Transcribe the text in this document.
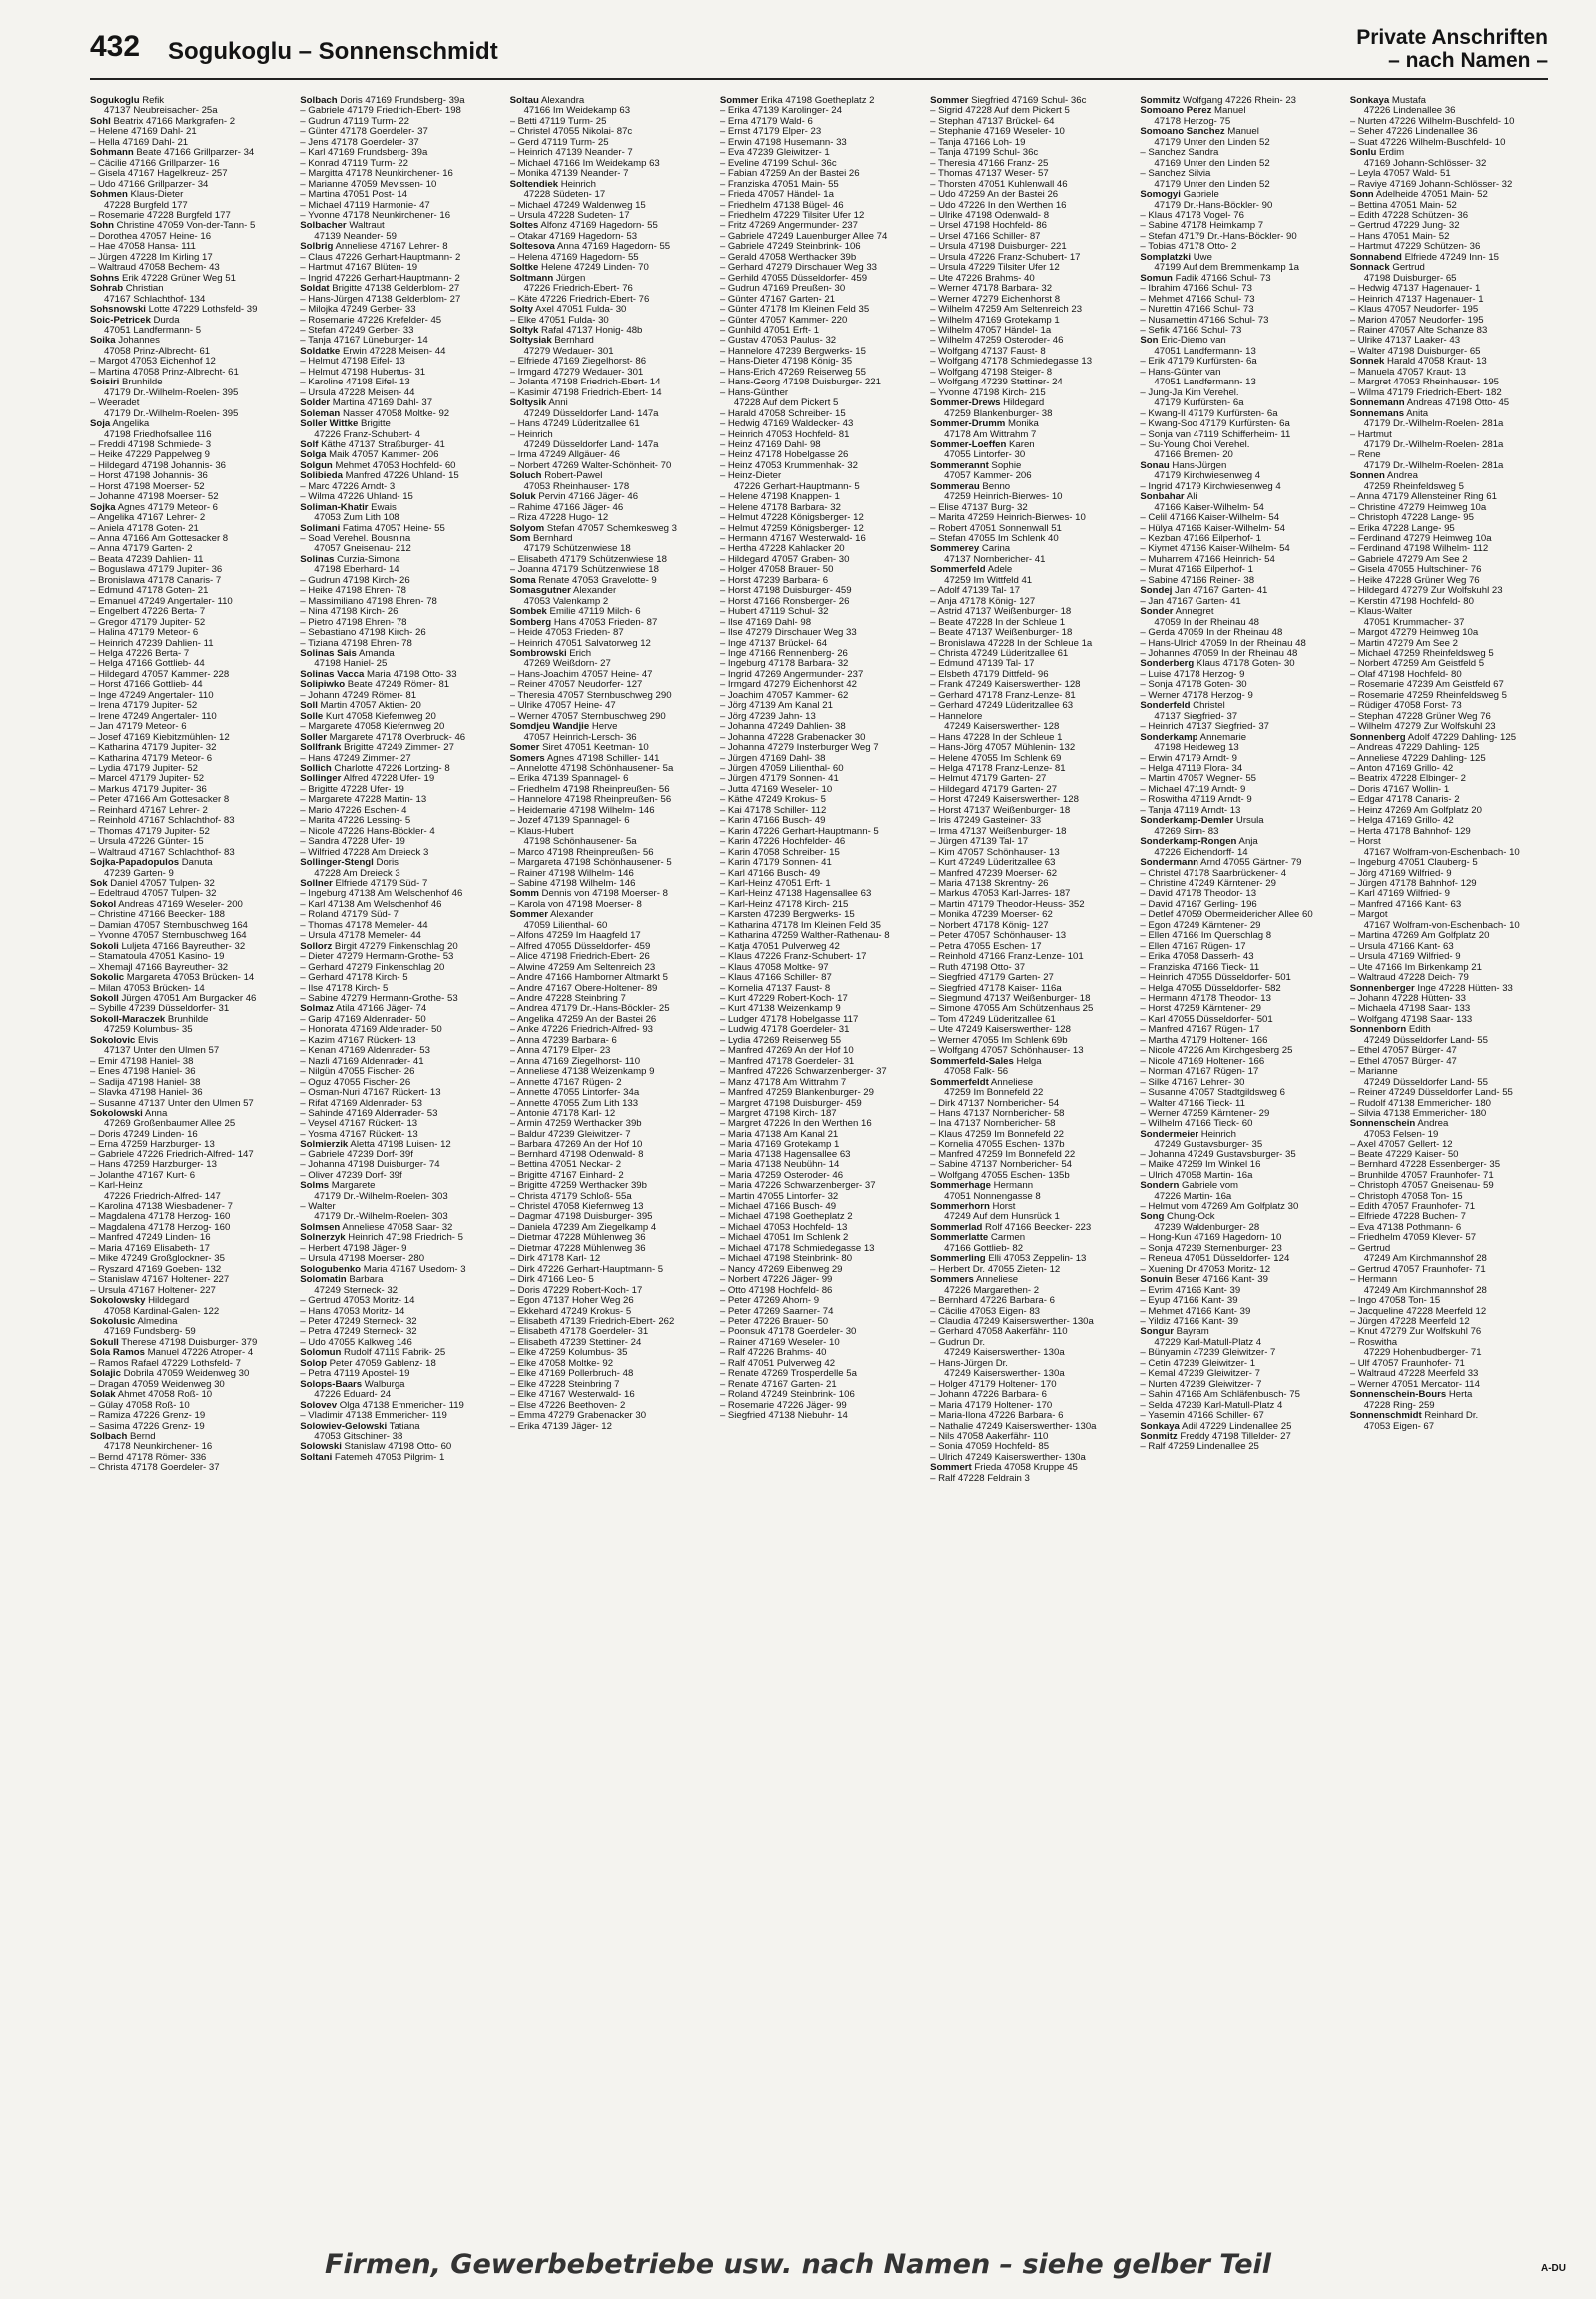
432 Sogukoglu – Sonnenschmidt
Private Anschriften
– nach Namen –
Sogukoglu Refik
47137 Neubreisacher- 25a
Sohl Beatrix 47166 Markgrafen- 2
– Helene 47169 Dahl- 21
– Hella 47169 Dahl- 21
Sohmann Beate 47166 Grillparzer- 34
– Cäcilie 47166 Grillparzer- 16
– Gisela 47167 Hagelkreuz- 257
– Udo 47166 Grillparzer- 34
Sohmen Klaus-Dieter
47228 Burgfeld 177
– Rosemarie 47228 Burgfeld 177
Sohn Christine 47059 Von-der-Tann- 5
– Dorothea 47057 Heine- 16
– Hae 47058 Hansa- 111
– Jürgen 47228 Im Kirling 17
– Waltraud 47058 Bechem- 43
Sohns Erik 47228 Grüner Weg 51
Sohrab Christian
47167 Schlachthof- 134
Sohsnowski Lotte 47229 Lothsfeld- 39
Soic-Petricek Durda
47051 Landfermann- 5
Soika Johannes
47058 Prinz-Albrecht- 61
– Margot 47053 Eichenhof 12
– Martina 47058 Prinz-Albrecht- 61
Soisiri Brunhilde
47179 Dr.-Wilhelm-Roelen- 395
– Weeradet
47179 Dr.-Wilhelm-Roelen- 395
Soja Angelika
47198 Friedhofsallee 116
– Freddi 47198 Schmiede- 3
– Heike 47229 Pappelweg 9
– Hildegard 47198 Johannis- 36
– Horst 47198 Johannis- 36
– Horst 47198 Moerser- 52
– Johanne 47198 Moerser- 52
Sojka Agnes 47179 Meteor- 6
– Angelika 47167 Lehrer- 2
– Aniela 47178 Goten- 21
– Anna 47166 Am Gottesacker 8
– Anna 47179 Garten- 2
– Beata 47239 Dahlien- 11
– Boguslawa 47179 Jupiter- 36
– Bronislawa 47178 Canaris- 7
– Edmund 47178 Goten- 21
– Emanuel 47249 Angertaler- 110
– Engelbert 47226 Berta- 7
– Gregor 47179 Jupiter- 52
– Halina 47179 Meteor- 6
– Heinrich 47239 Dahlien- 11
– Helga 47226 Berta- 7
– Helga 47166 Gottlieb- 44
– Hildegard 47057 Kammer- 228
– Horst 47166 Gottlieb- 44
– Inge 47249 Angertaler- 110
– Irena 47179 Jupiter- 52
– Irene 47249 Angertaler- 110
– Jan 47179 Meteor- 6
– Josef 47169 Kiebitzmühlen- 12
– Katharina 47179 Jupiter- 32
– Katharina 47179 Meteor- 6
– Lydia 47179 Jupiter- 52
– Marcel 47179 Jupiter- 52
– Markus 47179 Jupiter- 36
– Peter 47166 Am Gottesacker 8
– Reinhard 47167 Lehrer- 2
– Reinhold 47167 Schlachthof- 83
– Thomas 47179 Jupiter- 52
– Ursula 47226 Günter- 15
– Waltraud 47167 Schlachthof- 83
Sojka-Papadopulos Danuta
47239 Garten- 9
Sok Daniel 47057 Tulpen- 32
– Edeltraud 47057 Tulpen- 32
Sokol Andreas 47169 Weseler- 200
– Christine 47166 Beecker- 188
– Damian 47057 Sternbuschweg 164
– Yvonne 47057 Sternbuschweg 164
Sokoli Luljeta 47166 Bayreuther- 32
– Stamatoula 47051 Kasino- 19
– Xhemajl 47166 Bayreuther- 32
Sokolic Margareta 47053 Brücken- 14
– Milan 47053 Brücken- 14
Sokoll Jürgen 47051 Am Burgacker 46
– Sybille 47239 Düsseldorfer- 31
Sokoll-Maraczek Brunhilde
47259 Kolumbus- 35
Sokolovic Elvis
47137 Unter den Ulmen 57
– Emir 47198 Haniel- 38
– Enes 47198 Haniel- 36
– Sadija 47198 Haniel- 38
– Slavka 47198 Haniel- 36
– Susanne 47137 Unter den Ulmen 57
Sokolowski Anna
47269 Großenbaumer Allee 25
– Doris 47249 Linden- 16
– Erna 47259 Harzburger- 13
– Gabriele 47226 Friedrich-Alfred- 147
– Hans 47259 Harzburger- 13
– Jolanthe 47167 Kurt- 6
– Karl-Heinz
47226 Friedrich-Alfred- 147
– Karolina 47138 Wiesbadener- 7
– Magdalena 47178 Herzog- 160
– Magdalena 47178 Herzog- 160
– Manfred 47249 Linden- 16
– Maria 47169 Elisabeth- 17
– Mike 47249 Großglockner- 35
– Ryszard 47169 Goeben- 132
– Stanislaw 47167 Holtener- 227
– Ursula 47167 Holtener- 227
Sokolowsky Hildegard
47058 Kardinal-Galen- 122
Sokolusic Almedina
47169 Fundsberg- 59
Sokull Therese 47198 Duisburger- 379
Sola Ramos Manuel 47226 Atroper- 4
– Ramos Rafael 47229 Lothsfeld- 7
Solajic Dobrila 47059 Weidenweg 30
– Dragan 47059 Weidenweg 30
Solak Ahmet 47058 Roß- 10
– Gülay 47058 Roß- 10
– Ramiza 47226 Grenz- 19
– Sasima 47226 Grenz- 19
Solbach Bernd
47178 Neunkirchener- 16
– Bernd 47178 Römer- 336
– Christa 47178 Goerdeler- 37
Solbach Doris 47169 Frundsberg- 39a
– Gabriele 47179 Friedrich-Ebert- 198
– Gudrun 47119 Turm- 22
– Günter 47178 Goerdeler- 37
– Jens 47178 Goerdeler- 37
– Karl 47169 Frundsberg- 39a
– Konrad 47119 Turm- 22
– Margitta 47178 Neunkirchener- 16
– Marianne 47059 Mevissen- 10
– Martina 47051 Post- 14
– Michael 47119 Harmonie- 47
– Yvonne 47178 Neunkirchener- 16
Solbacher Waltraut
47139 Neander- 59
Solbrig Anneliese 47167 Lehrer- 8
– Claus 47226 Gerhart-Hauptmann- 2
– Hartmut 47167 Blüten- 19
– Ingrid 47226 Gerhart-Hauptmann- 2
Soldat Brigitte 47138 Gelderblom- 27
– Hans-Jürgen 47138 Gelderblom- 27
– Milojka 47249 Gerber- 33
– Rosemarie 47226 Krefelder- 45
– Stefan 47249 Gerber- 33
– Tanja 47167 Lüneburger- 14
Soldatke Erwin 47228 Meisen- 44
– Helmut 47198 Eifel- 13
– Helmut 47198 Hubertus- 31
– Karoline 47198 Eifel- 13
– Ursula 47228 Meisen- 44
Solder Martina 47169 Dahl- 37
Soleman Nasser 47058 Moltke- 92
Soller Wittke Brigitte
47226 Franz-Schubert- 4
Solf Käthe 47137 Straßburger- 41
Solga Maik 47057 Kammer- 206
Solgun Mehmet 47053 Hochfeld- 60
Solibieda Manfred 47226 Uhland- 15
– Marc 47226 Arndt- 3
– Wilma 47226 Uhland- 15
Soliman-Khatir Ewais
47053 Zum Lith 108
Solimani Fatima 47057 Heine- 55
– Soad Verehel. Bousnina
47057 Gneisenau- 212
Solinas Curzia-Simona
47198 Eberhard- 14
– Gudrun 47198 Kirch- 26
– Heike 47198 Ehren- 78
– Massimiliano 47198 Ehren- 78
– Nina 47198 Kirch- 26
– Pietro 47198 Ehren- 78
– Sebastiano 47198 Kirch- 26
– Tiziana 47198 Ehren- 78
Solinas Sais Amanda
47198 Haniel- 25
Solinas Vacca Maria 47198 Otto- 33
Solipiwko Beate 47249 Römer- 81
– Johann 47249 Römer- 81
Soll Martin 47057 Aktien- 20
Solle Kurt 47058 Kiefernweg 20
– Margarete 47058 Kiefernweg 20
Soller Margarete 47178 Overbruck- 46
Sollfrank Brigitte 47249 Zimmer- 27
– Hans 47249 Zimmer- 27
Sollich Charlotte 47226 Lortzing- 8
Sollinger Alfred 47228 Ufer- 19
– Brigitte 47228 Ufer- 19
– Margarete 47228 Martin- 13
– Mario 47226 Eschen- 4
– Marita 47226 Lessing- 5
– Nicole 47226 Hans-Böckler- 4
– Sandra 47228 Ufer- 19
– Wilfried 47228 Am Dreieck 3
Sollinger-Stengl Doris
47228 Am Dreieck 3
Sollner Elfriede 47179 Süd- 7
– Ingeburg 47138 Am Welschenhof 46
– Karl 47138 Am Welschenhof 46
– Roland 47179 Süd- 7
– Thomas 47178 Memeler- 44
– Ursula 47178 Memeler- 44
Sollorz Birgit 47279 Finkenschlag 20
– Dieter 47279 Hermann-Grothe- 53
– Gerhard 47279 Finkenschlag 20
– Gerhard 47178 Kirch- 5
– Ilse 47178 Kirch- 5
– Sabine 47279 Hermann-Grothe- 53
Solmaz Atila 47166 Jäger- 74
– Garip 47169 Aldenrader- 50
– Honorata 47169 Aldenrader- 50
– Kazim 47167 Rückert- 13
– Kenan 47169 Aldenrader- 53
– Nazli 47169 Aldenrader- 41
– Nilgün 47055 Fischer- 26
– Oguz 47055 Fischer- 26
– Osman-Nuri 47167 Rückert- 13
– Rifat 47169 Aldenrader- 53
– Sahinde 47169 Aldenrader- 53
– Veysel 47167 Rückert- 13
– Yosma 47167 Rückert- 13
Solmierzik Aletta 47198 Luisen- 12
– Gabriele 47239 Dorf- 39f
– Johanna 47198 Duisburger- 74
– Oliver 47239 Dorf- 39f
Solms Margarete
47179 Dr.-Wilhelm-Roelen- 303
– Walter
47179 Dr.-Wilhelm-Roelen- 303
Solmsen Anneliese 47058 Saar- 32
Solnerzyk Heinrich 47198 Friedrich- 5
– Herbert 47198 Jäger- 9
– Ursula 47198 Moerser- 280
Sologubenko Maria 47167 Usedom- 3
Solomatin Barbara
47249 Sterneck- 32
– Gertrud 47053 Moritz- 14
– Hans 47053 Moritz- 14
– Peter 47249 Sterneck- 32
– Petra 47249 Sterneck- 32
– Udo 47055 Kalkweg 146
Solomun Rudolf 47119 Fabrik- 25
Solop Peter 47059 Gablenz- 18
– Petra 47119 Apostel- 19
Solops-Baars Walburga
47226 Eduard- 24
Solovev Olga 47138 Emmericher- 119
– Vladimir 47138 Emmericher- 119
Solowiev-Gelowski Tatiana
47053 Gitschiner- 38
Solowski Stanislaw 47198 Otto- 60
Soltani Fatemeh 47053 Pilgrim- 1
Soltau Alexandra
47166 Im Weidekamp 63
– Betti 47119 Turm- 25
– Christel 47055 Nikolai- 87c
– Gerd 47119 Turm- 25
– Heinrich 47139 Neander- 7
– Michael 47166 Im Weidekamp 63
– Monika 47139 Neander- 7
Soltendiek Heinrich
47228 Südeten- 17
– Michael 47249 Waldenweg 15
– Ursula 47228 Sudeten- 17
Soltes Alfonz 47169 Hagedorn- 55
– Otakar 47169 Hagedorn- 53
Soltesova Anna 47169 Hagedorn- 55
– Helena 47169 Hagedorn- 55
Soltke Helene 47249 Linden- 70
Soltmann Jürgen
47226 Friedrich-Ebert- 76
– Käte 47226 Friedrich-Ebert- 76
Solty Axel 47051 Fulda- 30
– Elke 47051 Fulda- 30
Soltyk Rafal 47137 Honig- 48b
Soltysiak Bernhard
47279 Wedauer- 301
– Elfriede 47169 Ziegelhorst- 86
– Irmgard 47279 Wedauer- 301
– Jolanta 47198 Friedrich-Ebert- 14
– Kasimir 47198 Friedrich-Ebert- 14
Soltysik Anni
47249 Düsseldorfer Land- 147a
– Hans 47249 Lüderitzallee 61
– Heinrich
47249 Düsseldorfer Land- 147a
– Irma 47249 Allgäuer- 46
– Norbert 47269 Walter-Schönheit- 70
Soluch Robert-Pawel
47053 Rheinhauser- 178
Soluk Pervin 47166 Jäger- 46
– Rahime 47166 Jäger- 46
– Riza 47228 Hugo- 12
Solyom Stefan 47057 Schemkesweg 3
Som Bernhard
47179 Schützenwiese 18
– Elisabeth 47179 Schützenwiese 18
– Joanna 47179 Schützenwiese 18
Soma Renate 47053 Gravelotte- 9
Somasgutner Alexander
47053 Valenkamp 2
Sombek Emilie 47119 Milch- 6
Somberg Hans 47053 Frieden- 87
– Heide 47053 Frieden- 87
– Heinrich 47051 Salvatorweg 12
Sombrowski Erich
47269 Weißdorn- 27
– Hans-Joachim 47057 Heine- 47
– Reiner 47057 Neudorfer- 127
– Theresia 47057 Sternbuschweg 290
– Ulrike 47057 Heine- 47
– Werner 47057 Sternbuschweg 290
Somdjeu Wandjie Herve
47057 Heinrich-Lersch- 36
Somer Siret 47051 Keetman- 10
Somers Agnes 47198 Schiller- 141
– Annelotte 47198 Schönhausener- 5a
– Erika 47139 Spannagel- 6
– Friedhelm 47198 Rheinpreußen- 56
– Hannelore 47198 Rheinpreußen- 56
– Heidemarie 47198 Wilhelm- 146
– Jozef 47139 Spannagel- 6
– Klaus-Hubert
47198 Schönhausener- 5a
– Marco 47198 Rheinpreußen- 56
– Margareta 47198 Schönhausener- 5
– Rainer 47198 Wilhelm- 146
– Sabine 47198 Wilhelm- 146
Somm Dennis von 47198 Moerser- 8
– Karola von 47198 Moerser- 8
Sommer Alexander
47059 Lilienthal- 60
– Alfons 47259 Im Haagfeld 17
– Alfred 47055 Düsseldorfer- 459
– Alice 47198 Friedrich-Ebert- 26
– Alwine 47259 Am Seltenreich 23
– Andre 47166 Hamborner Altmarkt 5
– Andre 47167 Obere-Holtener- 89
– Andre 47228 Steinbring 7
– Andrea 47179 Dr.-Hans-Böckler- 25
– Angelika 47259 An der Bastei 26
– Anke 47226 Friedrich-Alfred- 93
– Anna 47239 Barbara- 6
– Anna 47179 Elper- 23
– Anna 47169 Ziegelhorst- 110
– Anneliese 47138 Weizenkamp 9
– Annette 47167 Rügen- 2
– Annette 47055 Lintorfer- 34a
– Annette 47055 Zum Lith 133
– Antonie 47178 Karl- 12
– Armin 47259 Werthacker 39b
– Baldur 47239 Gleiwitzer- 7
– Barbara 47269 An der Hof 10
– Bernhard 47198 Odenwald- 8
– Bettina 47051 Neckar- 2
– Brigitte 47167 Einhard- 2
– Brigitte 47259 Werthacker 39b
– Christa 47179 Schloß- 55a
– Christel 47058 Kiefernweg 13
– Dagmar 47198 Duisburger- 395
– Daniela 47239 Am Ziegelkamp 4
– Dietmar 47228 Mühlenweg 36
– Dietmar 47228 Mühlenweg 36
– Dirk 47178 Karl- 12
– Dirk 47226 Gerhart-Hauptmann- 5
– Dirk 47166 Leo- 5
– Doris 47229 Robert-Koch- 17
– Egon 47137 Hoher Weg 26
– Ekkehard 47249 Krokus- 5
– Elisabeth 47139 Friedrich-Ebert- 262
– Elisabeth 47178 Goerdeler- 31
– Elisabeth 47239 Stettiner- 24
– Elke 47259 Kolumbus- 35
– Elke 47058 Moltke- 92
– Elke 47169 Pollerbruch- 48
– Elke 47228 Steinbring 7
– Elke 47167 Westerwald- 16
– Else 47226 Beethoven- 2
– Emma 47279 Grabenacker 30
– Erika 47139 Jäger- 12
Sommer Erika 47198 Goetheplatz 2
– Erika 47139 Karolinger- 24
– Erna 47179 Wald- 6
– Ernst 47179 Elper- 23
– Erwin 47198 Husemann- 33
– Eva 47239 Gleiwitzer- 1
– Eveline 47199 Schul- 36c
– Fabian 47259 An der Bastei 26
– Franziska 47051 Main- 55
– Frieda 47057 Händel- 1a
– Friedhelm 47138 Bügel- 46
– Friedhelm 47229 Tilsiter Ufer 12
– Fritz 47269 Angermunder- 237
– Gabriele 47249 Lauenburger Allee 74
– Gabriele 47249 Steinbrink- 106
– Gerald 47058 Werthacker 39b
– Gerhard 47279 Dirschauer Weg 33
– Gerhild 47055 Düsseldorfer- 459
– Gudrun 47169 Preußen- 30
– Günter 47167 Garten- 21
– Günter 47178 Im Kleinen Feld 35
– Günter 47057 Kammer- 220
– Gunhild 47051 Erft- 1
– Gustav 47053 Paulus- 32
– Hannelore 47239 Bergwerks- 15
– Hans-Dieter 47198 König- 35
– Hans-Erich 47269 Reiserweg 55
– Hans-Georg 47198 Duisburger- 221
– Hans-Günther
47228 Auf dem Pickert 5
– Harald 47058 Schreiber- 15
– Hedwig 47169 Waldecker- 43
– Heinrich 47053 Hochfeld- 81
– Heinz 47169 Dahl- 98
– Heinz 47178 Hobelgasse 26
– Heinz 47053 Krummenhak- 32
– Heinz-Dieter
47226 Gerhart-Hauptmann- 5
– Helene 47198 Knappen- 1
– Helene 47178 Barbara- 32
– Helmut 47228 Königsberger- 12
– Helmut 47259 Königsberger- 12
– Hermann 47167 Westerwald- 16
– Hertha 47228 Kahlacker 20
– Hildegard 47057 Graben- 30
– Holger 47058 Brauer- 50
– Horst 47239 Barbara- 6
– Horst 47198 Duisburger- 459
– Horst 47166 Ronsberger- 26
– Hubert 47119 Schul- 32
– Ilse 47169 Dahl- 98
– Ilse 47279 Dirschauer Weg 33
– Inge 47137 Brückel- 64
– Inge 47166 Rennenberg- 26
– Ingeburg 47178 Barbara- 32
– Ingrid 47269 Angermunder- 237
– Irmgard 47279 Eichenhorst 42
– Joachim 47057 Kammer- 62
– Jörg 47139 Am Kanal 21
– Jörg 47239 Jahn- 13
– Johanna 47249 Dahlien- 38
– Johanna 47228 Grabenacker 30
– Johanna 47279 Insterburger Weg 7
– Jürgen 47169 Dahl- 38
– Jürgen 47059 Lilienthal- 60
– Jürgen 47179 Sonnen- 41
– Jutta 47169 Weseler- 10
– Käthe 47249 Krokus- 5
– Kai 47178 Schiller- 112
– Karin 47166 Busch- 49
– Karin 47226 Gerhart-Hauptmann- 5
– Karin 47226 Hochfelder- 46
– Karin 47058 Schreiber- 15
– Karin 47179 Sonnen- 41
– Karl 47166 Busch- 49
– Karl-Heinz 47051 Erft- 1
– Karl-Heinz 47138 Hagensallee 63
– Karl-Heinz 47178 Kirch- 215
– Karsten 47239 Bergwerks- 15
– Katharina 47178 Im Kleinen Feld 35
– Katharina 47259 Walther-Rathenau- 8
– Katja 47051 Pulverweg 42
– Klaus 47226 Franz-Schubert- 17
– Klaus 47058 Moltke- 97
– Klaus 47166 Schiller- 87
– Kornelia 47137 Faust- 8
– Kurt 47229 Robert-Koch- 17
– Kurt 47138 Weizenkamp 9
– Ludger 47178 Hobelgasse 117
– Ludwig 47178 Goerdeler- 31
– Lydia 47269 Reiserweg 55
– Manfred 47269 An der Hof 10
– Manfred 47178 Goerdeler- 31
– Manfred 47226 Schwarzenberger- 37
– Manz 47178 Am Wittrahm 7
– Manfred 47259 Blankenburger- 29
– Margret 47198 Duisburger- 459
– Margret 47198 Kirch- 187
– Margret 47226 In den Werthen 16
– Maria 47138 Am Kanal 21
– Maria 47169 Grotekamp 1
– Maria 47138 Hagensallee 63
– Maria 47138 Neubühn- 14
– Maria 47259 Osteroder- 46
– Maria 47226 Schwarzenberger- 37
– Martin 47055 Lintorfer- 32
– Michael 47166 Busch- 49
– Michael 47198 Goetheplatz 2
– Michael 47053 Hochfeld- 13
– Michael 47051 Im Schlenk 2
– Michael 47178 Schmiedegasse 13
– Michael 47198 Steinbrink- 80
– Nancy 47269 Eibenweg 29
– Norbert 47226 Jäger- 99
– Otto 47198 Hochfeld- 86
– Peter 47269 Ahorn- 9
– Peter 47269 Saarner- 74
– Peter 47226 Brauer- 50
– Poonsuk 47178 Goerdeler- 30
– Rainer 47169 Weseler- 10
– Ralf 47226 Brahms- 40
– Ralf 47051 Pulverweg 42
– Renate 47269 Trosperdelle 5a
– Renate 47167 Garten- 21
– Roland 47249 Steinbrink- 106
– Rosemarie 47226 Jäger- 99
– Siegfried 47138 Niebuhr- 14
Sommer Siegfried 47169 Schul- 36c
– Sigrid 47228 Auf dem Pickert 5
– Stephan 47137 Brückel- 64
– Stephanie 47169 Weseler- 10
– Tanja 47166 Loh- 19
– Tanja 47199 Schul- 36c
– Theresia 47166 Franz- 25
– Thomas 47137 Weser- 57
– Thorsten 47051 Kuhlenwall 46
– Udo 47259 An der Bastei 26
– Udo 47226 In den Werthen 16
– Ulrike 47198 Odenwald- 8
– Ursel 47198 Hochfeld- 86
– Ursel 47166 Schiller- 87
– Ursula 47198 Duisburger- 221
– Ursula 47226 Franz-Schubert- 17
– Ursula 47229 Tilsiter Ufer 12
– Ute 47226 Brahms- 40
– Werner 47178 Barbara- 32
– Werner 47279 Eichenhorst 8
– Wilhelm 47259 Am Seltenreich 23
– Wilhelm 47169 Grotekamp 1
– Wilhelm 47057 Händel- 1a
– Wilhelm 47259 Osteroder- 46
– Wolfgang 47137 Faust- 8
– Wolfgang 47178 Schmiedegasse 13
– Wolfgang 47198 Steiger- 8
– Wolfgang 47239 Stettiner- 24
– Yvonne 47198 Kirch- 215
Sommer-Drews Hildegard
47259 Blankenburger- 38
Sommer-Drumm Monika
47178 Am Wittrahm 7
Sommer-Loeffen Karen
47055 Lintorfer- 30
Sommerannt Sophie
47057 Kammer- 206
Sommerau Benno
47259 Heinrich-Bierwes- 10
– Elise 47137 Burg- 32
– Marita 47259 Heinrich-Bierwes- 10
– Robert 47051 Sonnenwall 51
– Stefan 47055 Im Schlenk 40
Sommerey Carina
47137 Nornbericher- 41
Sommerfeld Adele
47259 Im Wittfeld 41
– Adolf 47139 Tal- 17
– Anja 47178 König- 127
– Astrid 47137 Weißenburger- 18
– Beate 47228 In der Schleue 1
– Beate 47137 Weißenburger- 18
– Bronislawa 47228 In der Schleue 1a
– Christa 47249 Lüderitzallee 61
– Edmund 47139 Tal- 17
– Elsbeth 47179 Dittfeld- 96
– Frank 47249 Kaiserswerther- 128
– Gerhard 47178 Franz-Lenze- 81
– Gerhard 47249 Lüderitzallee 63
– Hannelore
47249 Kaiserswerther- 128
– Hans 47228 In der Schleue 1
– Hans-Jörg 47057 Mühlenin- 132
– Helene 47055 Im Schlenk 69
– Helga 47178 Franz-Lenze- 81
– Helmut 47179 Garten- 27
– Hildegard 47179 Garten- 27
– Horst 47249 Kaiserswerther- 128
– Horst 47137 Weißenburger- 18
– Iris 47249 Gasteiner- 33
– Irma 47137 Weißenburger- 18
– Jürgen 47139 Tal- 17
– Kim 47057 Schönhauser- 13
– Kurt 47249 Lüderitzallee 63
– Manfred 47239 Moerser- 62
– Maria 47138 Skrentny- 26
– Markus 47053 Karl-Jarres- 187
– Martin 47179 Theodor-Heuss- 352
– Monika 47239 Moerser- 62
– Norbert 47178 König- 127
– Peter 47057 Schönhauser- 13
– Petra 47055 Eschen- 17
– Reinhold 47166 Franz-Lenze- 101
– Ruth 47198 Otto- 37
– Siegfried 47179 Garten- 27
– Siegfried 47178 Kaiser- 116a
– Siegmund 47137 Weißenburger- 18
– Simone 47055 Am Schützenhaus 25
– Tom 47249 Lüderitzallee 61
– Ute 47249 Kaiserswerther- 128
– Werner 47055 Im Schlenk 69b
– Wolfgang 47057 Schönhauser- 13
Sommerfeld-Sales Helga
47058 Falk- 56
Sommerfeldt Anneliese
47259 Im Bonnefeld 22
– Dirk 47137 Nornbericher- 54
– Hans 47137 Nornbericher- 58
– Ina 47137 Nornbericher- 58
– Klaus 47259 Im Bonnefeld 22
– Kornelia 47055 Eschen- 137b
– Manfred 47259 Im Bonnefeld 22
– Sabine 47137 Nornbericher- 54
– Wolfgang 47055 Eschen- 135b
Sommerhage Hermann
47051 Nonnengasse 8
Sommerhorn Horst
47249 Auf dem Hunsrück 1
Sommerlad Rolf 47166 Beecker- 223
Sommerlatte Carmen
47166 Gottlieb- 82
Sommerling Elli 47053 Zeppelin- 13
– Herbert Dr. 47055 Zieten- 12
Sommers Anneliese
47226 Margarethen- 2
– Bernhard 47226 Barbara- 6
– Cäcilie 47053 Eigen- 83
– Claudia 47249 Kaiserswerther- 130a
– Gerhard 47058 Aakerfähr- 110
– Gudrun Dr.
47249 Kaiserswerther- 130a
– Hans-Jürgen Dr.
47249 Kaiserswerther- 130a
– Holger 47179 Holtener- 170
– Johann 47226 Barbara- 6
– Maria 47179 Holtener- 170
– Maria-Ilona 47226 Barbara- 6
– Nathalie 47249 Kaiserswerther- 130a
– Nils 47058 Aakerfähr- 110
– Sonia 47059 Hochfeld- 85
– Ulrich 47249 Kaiserswerther- 130a
Sommert Frieda 47058 Kruppe 45
– Ralf 47228 Feldrain 3
Sommitz Wolfgang 47226 Rhein- 23
Somoano Perez Manuel
47178 Herzog- 75
Somoano Sanchez Manuel
47179 Unter den Linden 52
– Sanchez Sandra
47169 Unter den Linden 52
– Sanchez Silvia
47179 Unter den Linden 52
Somogyi Gabriele
47179 Dr.-Hans-Böckler- 90
– Klaus 47178 Vogel- 76
– Sabine 47178 Heimkamp 7
– Stefan 47179 Dr.-Hans-Böckler- 90
– Tobias 47178 Otto- 2
Somplatzki Uwe
47199 Auf dem Bremmenkamp 1a
Somun Fadik 47166 Schul- 73
– Ibrahim 47166 Schul- 73
– Mehmet 47166 Schul- 73
– Nurettin 47166 Schul- 73
– Nusamettin 47166 Schul- 73
– Sefik 47166 Schul- 73
Son Eric-Diemo van
47051 Landfermann- 13
– Erik 47179 Kurfürsten- 6a
– Hans-Günter van
47051 Landfermann- 13
– Jung-Ja Kim Verehel.
47179 Kurfürsten- 6a
– Kwang-Il 47179 Kurfürsten- 6a
– Kwang-Soo 47179 Kurfürsten- 6a
– Sonja van 47119 Schifferheim- 11
– Su-Young Choi Verehel.
47166 Bremen- 20
Sonau Hans-Jürgen
47179 Kirchwiesenweg 4
– Ingrid 47179 Kirchwiesenweg 4
Sonbahar Ali
47166 Kaiser-Wilhelm- 54
– Celil 47166 Kaiser-Wilhelm- 54
– Hülya 47166 Kaiser-Wilhelm- 54
– Kezban 47166 Eilperhof- 1
– Kiymet 47166 Kaiser-Wilhelm- 54
– Muharrem 47166 Heinrich- 54
– Murat 47166 Eilperhof- 1
– Sabine 47166 Reiner- 38
Sondej Jan 47167 Garten- 41
– Jan 47167 Garten- 41
Sonder Annegret
47059 In der Rheinau 48
– Gerda 47059 In der Rheinau 48
– Hans-Ulrich 47059 In der Rheinau 48
– Johannes 47059 In der Rheinau 48
Sonderberg Klaus 47178 Goten- 30
– Luise 47178 Herzog- 9
– Sonja 47178 Goten- 30
– Werner 47178 Herzog- 9
Sonderfeld Christel
47137 Siegfried- 37
– Heinrich 47137 Siegfried- 37
Sonderkamp Annemarie
47198 Heideweg 13
– Erwin 47179 Arndt- 9
– Helga 47119 Flora- 34
– Martin 47057 Wegner- 55
– Michael 47119 Arndt- 9
– Roswitha 47119 Arndt- 9
– Tanja 47119 Arndt- 13
Sonderkamp-Demler Ursula
47269 Sinn- 83
Sonderkamp-Rongen Anja
47226 Eichendorff- 14
Sondermann Arnd 47055 Gärtner- 79
– Christel 47178 Saarbrückener- 4
– Christine 47249 Kärntener- 29
– David 47178 Theodor- 13
– David 47167 Gerling- 196
– Detlef 47059 Obermeidericher Allee 60
– Egon 47249 Kärntener- 29
– Ellen 47166 Im Querschlag 8
– Ellen 47167 Rügen- 17
– Erika 47058 Dasserh- 43
– Franziska 47166 Tieck- 11
– Heinrich 47055 Düsseldorfer- 501
– Helga 47055 Düsseldorfer- 582
– Hermann 47178 Theodor- 13
– Horst 47259 Kärntener- 29
– Karl 47055 Düsseldorfer- 501
– Manfred 47167 Rügen- 17
– Martha 47179 Holtener- 166
– Nicole 47226 Am Kirchgesberg 25
– Nicole 47169 Holtener- 166
– Norman 47167 Rügen- 17
– Silke 47167 Lehrer- 30
– Susanne 47057 Stadtgildsweg 6
– Walter 47166 Tieck- 11
– Werner 47259 Kärntener- 29
– Wilhelm 47166 Tieck- 60
Sondermeier Heinrich
47249 Gustavsburger- 35
– Johanna 47249 Gustavsburger- 35
– Maike 47259 Im Winkel 16
– Ulrich 47058 Martin- 16a
Sondern Gabriele vom
47226 Martin- 16a
– Helmut vom 47269 Am Golfplatz 30
Song Chung-Ock
47239 Waldenburger- 28
– Hong-Kun 47169 Hagedorn- 10
– Sonja 47239 Sternenburger- 23
– Reneua 47051 Düsseldorfer- 124
– Xuening Dr 47053 Moritz- 12
Sonuin Beser 47166 Kant- 39
– Evrim 47166 Kant- 39
– Eyup 47166 Kant- 39
– Mehmet 47166 Kant- 39
– Yildiz 47166 Kant- 39
Songur Bayram
47229 Karl-Matull-Platz 4
– Bünyamin 47239 Gleiwitzer- 7
– Cetin 47239 Gleiwitzer- 1
– Kemal 47239 Gleiwitzer- 7
– Nurten 47239 Gleiwitzer- 7
– Sahin 47166 Am Schläfenbusch- 75
– Selda 47239 Karl-Matull-Platz 4
– Yasemin 47166 Schiller- 67
Sonkaya Adil 47229 Lindenallee 25
Sonmitz Freddy 47198 Tillelder- 27
– Ralf 47259 Lindenallee 25
Sonkaya Mustafa
47226 Lindenallee 36
– Nurten 47226 Wilhelm-Buschfeld- 10
– Seher 47226 Lindenallee 36
– Suat 47226 Wilhelm-Buschfeld- 10
Sonlu Erdim
47169 Johann-Schlösser- 32
– Leyla 47057 Wald- 51
– Raviye 47169 Johann-Schlösser- 32
Sonn Adelheide 47051 Main- 52
– Bettina 47051 Main- 52
– Edith 47228 Schützen- 36
– Gertrud 47229 Jung- 32
– Hans 47051 Main- 52
– Hartmut 47229 Schützen- 36
Sonnabend Elfriede 47249 Inn- 15
Sonnack Gertrud
47198 Duisburger- 65
– Hedwig 47137 Hagenauer- 1
– Heinrich 47137 Hagenauer- 1
– Klaus 47057 Neudorfer- 195
– Marion 47057 Neudorfer- 195
– Rainer 47057 Alte Schanze 83
– Ulrike 47137 Laaker- 43
– Walter 47198 Duisburger- 65
Sonnek Harald 47058 Kraut- 13
– Manuela 47057 Kraut- 13
– Margret 47053 Rheinhauser- 195
– Wilma 47179 Friedrich-Ebert- 182
Sonnemann Andreas 47198 Otto- 45
Sonnemans Anita
47179 Dr.-Wilhelm-Roelen- 281a
– Hartmut
47179 Dr.-Wilhelm-Roelen- 281a
– Rene
47179 Dr.-Wilhelm-Roelen- 281a
Sonnen Andrea
47259 Rheinfeldsweg 5
– Anna 47179 Allensteiner Ring 61
– Christine 47279 Heimweg 10a
– Christoph 47228 Lange- 95
– Erika 47228 Lange- 95
– Ferdinand 47279 Heimweg 10a
– Ferdinand 47198 Wilhelm- 112
– Gabriele 47279 Am See 2
– Gisela 47055 Hultschiner- 76
– Heike 47228 Grüner Weg 76
– Hildegard 47279 Zur Wolfskuhl 23
– Kerstin 47198 Hochfeld- 80
– Klaus-Walter
47051 Krummacher- 37
– Margot 47279 Heimweg 10a
– Martin 47279 Am See 2
– Michael 47259 Rheinfeldsweg 5
– Norbert 47259 Am Geistfeld 5
– Olaf 47198 Hochfeld- 80
– Rosemarie 47239 Am Geistfeld 67
– Rosemarie 47259 Rheinfeldsweg 5
– Rüdiger 47058 Forst- 73
– Stephan 47228 Grüner Weg 76
– Wilhelm 47279 Zur Wolfskuhl 23
Sonnenberg Adolf 47229 Dahling- 125
– Andreas 47229 Dahling- 125
– Anneliese 47229 Dahling- 125
– Anton 47169 Grillo- 42
– Beatrix 47228 Elbinger- 2
– Doris 47167 Wollin- 1
– Edgar 47178 Canaris- 2
– Heinz 47269 Am Golfplatz 20
– Helga 47169 Grillo- 42
– Herta 47178 Bahnhof- 129
– Horst
47167 Wolfram-von-Eschenbach- 10
– Ingeburg 47051 Clauberg- 5
– Jörg 47169 Wilfried- 9
– Jürgen 47178 Bahnhof- 129
– Karl 47169 Wilfried- 9
– Manfred 47166 Kant- 63
– Margot
47167 Wolfram-von-Eschenbach- 10
– Martina 47269 Am Golfplatz 20
– Ursula 47166 Kant- 63
– Ursula 47169 Wilfried- 9
– Ute 47166 Im Birkenkamp 21
– Waltraud 47228 Deich- 79
Sonnenberger Inge 47228 Hütten- 33
– Johann 47228 Hütten- 33
– Michaela 47198 Saar- 133
– Wolfgang 47198 Saar- 133
Sonnenborn Edith
47249 Düsseldorfer Land- 55
– Ethel 47057 Bürger- 47
– Ethel 47057 Bürger- 47
– Marianne
47249 Düsseldorfer Land- 55
– Reiner 47249 Düsseldorfer Land- 55
– Rudolf 47138 Emmericher- 180
– Silvia 47138 Emmericher- 180
Sonnenschein Andrea
47053 Felsen- 19
– Axel 47057 Gellert- 12
– Beate 47229 Kaiser- 50
– Bernhard 47228 Essenberger- 35
– Brunhilde 47057 Fraunhofer- 71
– Christoph 47057 Gneisenau- 59
– Christoph 47058 Ton- 15
– Edith 47057 Fraunhofer- 71
– Elfriede 47228 Buchen- 7
– Eva 47138 Pothmann- 6
– Friedhelm 47059 Klever- 57
– Gertrud
47249 Am Kirchmannshof 28
– Gertrud 47057 Fraunhofer- 71
– Hermann
47249 Am Kirchmannshof 28
– Ingo 47058 Ton- 15
– Jacqueline 47228 Meerfeld 12
– Jürgen 47228 Meerfeld 12
– Knut 47279 Zur Wolfskuhl 76
– Roswitha
47229 Hohenbudberger- 71
– Ulf 47057 Fraunhofer- 71
– Waltraud 47228 Meerfeld 33
– Werner 47051 Mercator- 114
Sonnenschein-Bours Herta
47228 Ring- 259
Sonnenschmidt Reinhard Dr.
47053 Eigen- 67
Firmen, Gewerbebetriebe usw. nach Namen – siehe gelber Teil	A-DU
